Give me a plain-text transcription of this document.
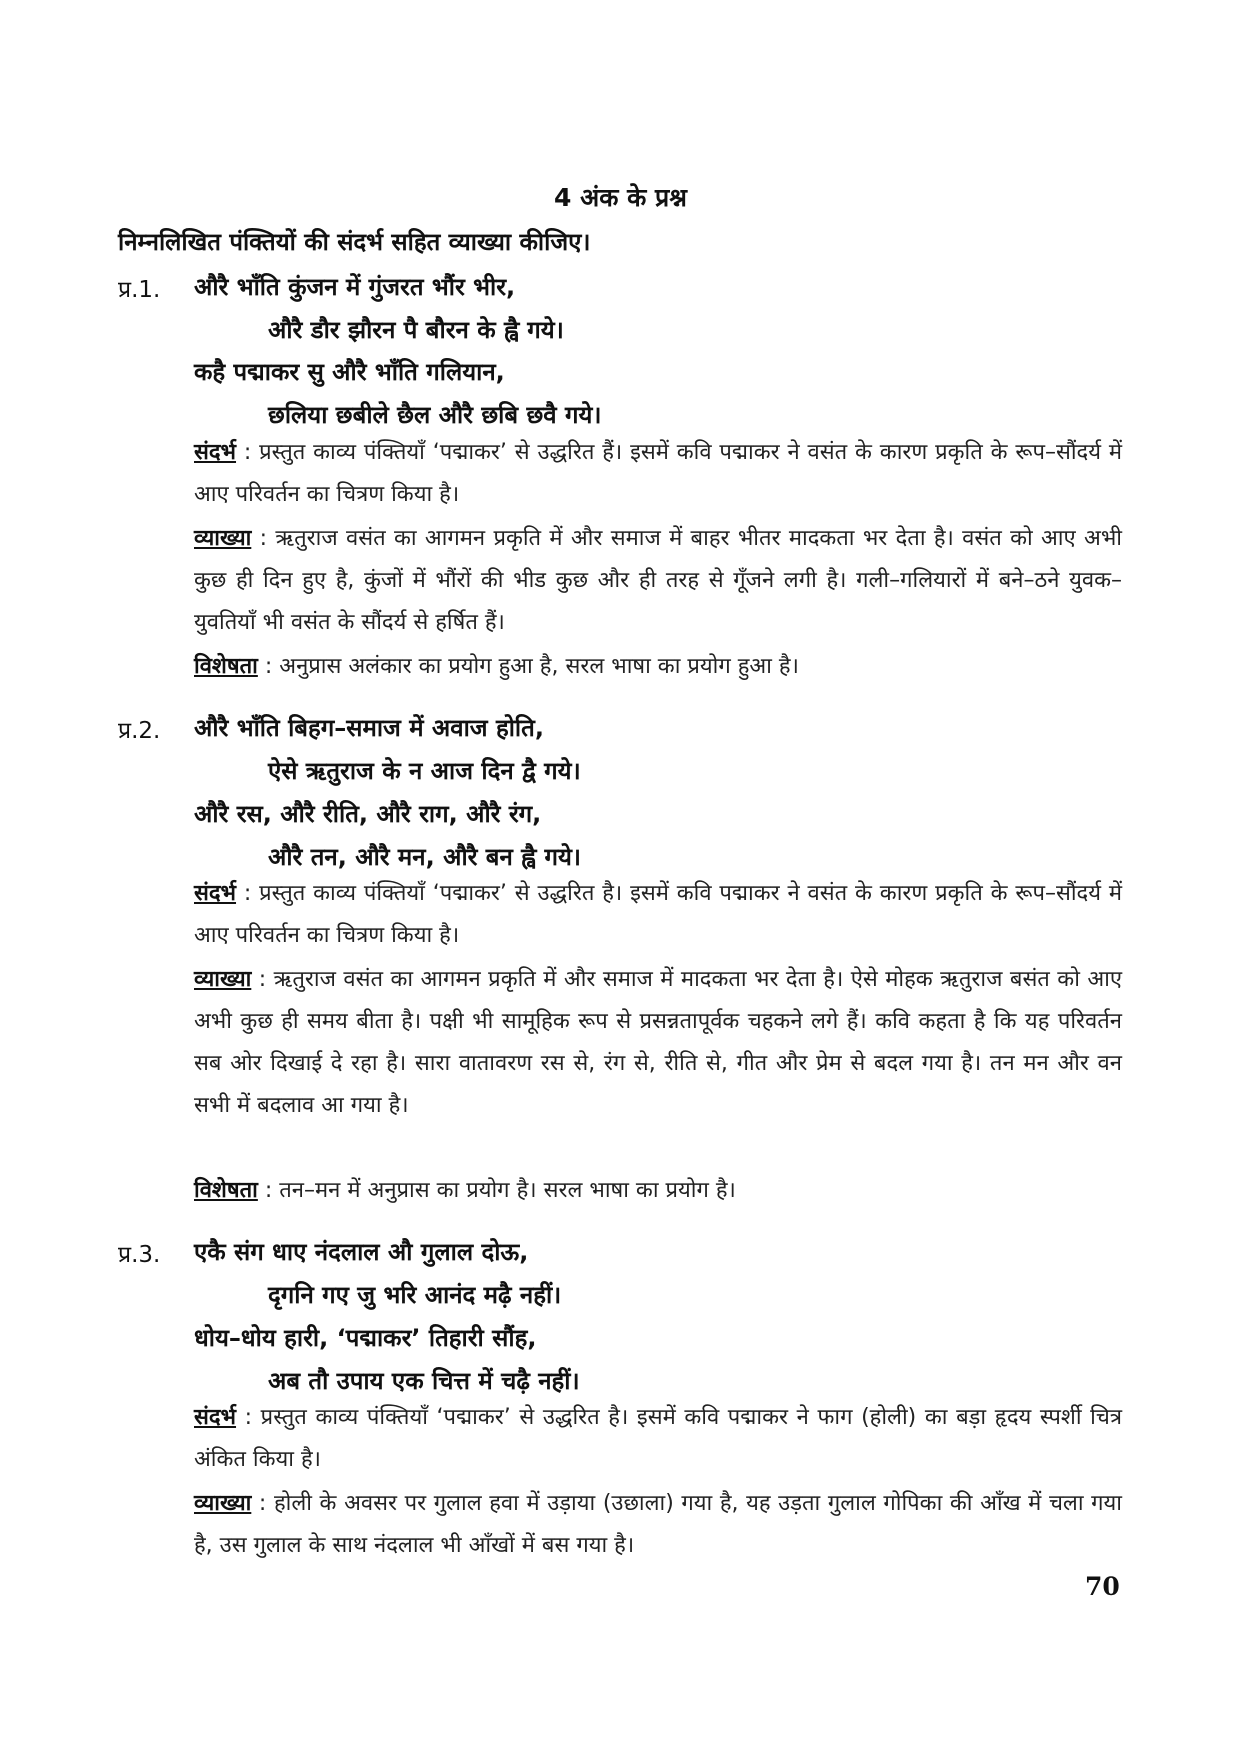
4 अंक के प्रश्न
निम्नलिखित पंक्तियों की संदर्भ सहित व्याख्या कीजिए।
प्र.1. औरै भाँति कुंजन में गुंजरत भौंर भीर,
औरै डौर झौरन पै बौरन के ह्वै गये।
कहै पद्माकर सु औरै भाँति गलियान,
छलिया छबीले छैल औरै छबि छवै गये।
संदर्भ : प्रस्तुत काव्य पंक्तियाँ ‘पद्माकर’ से उद्धरित हैं। इसमें कवि पद्माकर ने वसंत के कारण प्रकृति के रूप–सौंदर्य में आए परिवर्तन का चित्रण किया है।
व्याख्या : ऋतुराज वसंत का आगमन प्रकृति में और समाज में बाहर भीतर मादकता भर देता है। वसंत को आए अभी कुछ ही दिन हुए है, कुंजों में भौंरों की भीड कुछ और ही तरह से गूँजने लगी है। गली–गलियारों में बने–ठने युवक–युवतियाँ भी वसंत के सौंदर्य से हर्षित हैं।
विशेषता : अनुप्रास अलंकार का प्रयोग हुआ है, सरल भाषा का प्रयोग हुआ है।
प्र.2. औरै भाँति बिहग–समाज में अवाज होति,
ऐसे ऋतुराज के न आज दिन द्वै गये।
औरै रस, औरै रीति, औरै राग, औरै रंग,
औरै तन, औरै मन, औरै बन ह्वै गये।
संदर्भ : प्रस्तुत काव्य पंक्तियाँ ‘पद्माकर’ से उद्धरित है। इसमें कवि पद्माकर ने वसंत के कारण प्रकृति के रूप–सौंदर्य में आए परिवर्तन का चित्रण किया है।
व्याख्या : ऋतुराज वसंत का आगमन प्रकृति में और समाज में मादकता भर देता है। ऐसे मोहक ऋतुराज बसंत को आए अभी कुछ ही समय बीता है। पक्षी भी सामूहिक रूप से प्रसन्नतापूर्वक चहकने लगे हैं। कवि कहता है कि यह परिवर्तन सब ओर दिखाई दे रहा है। सारा वातावरण रस से, रंग से, रीति से, गीत और प्रेम से बदल गया है। तन मन और वन सभी में बदलाव आ गया है।
विशेषता : तन–मन में अनुप्रास का प्रयोग है। सरल भाषा का प्रयोग है।
प्र.3. एकै संग धाए नंदलाल औ गुलाल दोऊ,
दृगनि गए जु भरि आनंद मढ़ै नहीं।
धोय–धोय हारी, ‘पद्माकर’ तिहारी सौंह,
अब तौ उपाय एक चित्त में चढ़ै नहीं।
संदर्भ : प्रस्तुत काव्य पंक्तियाँ ‘पद्माकर’ से उद्धरित है। इसमें कवि पद्माकर ने फाग (होली) का बड़ा हृदय स्पर्शी चित्र अंकित किया है।
व्याख्या : होली के अवसर पर गुलाल हवा में उड़ाया (उछाला) गया है, यह उड़ता गुलाल गोपिका की आँख में चला गया है, उस गुलाल के साथ नंदलाल भी आँखों में बस गया है।
70
